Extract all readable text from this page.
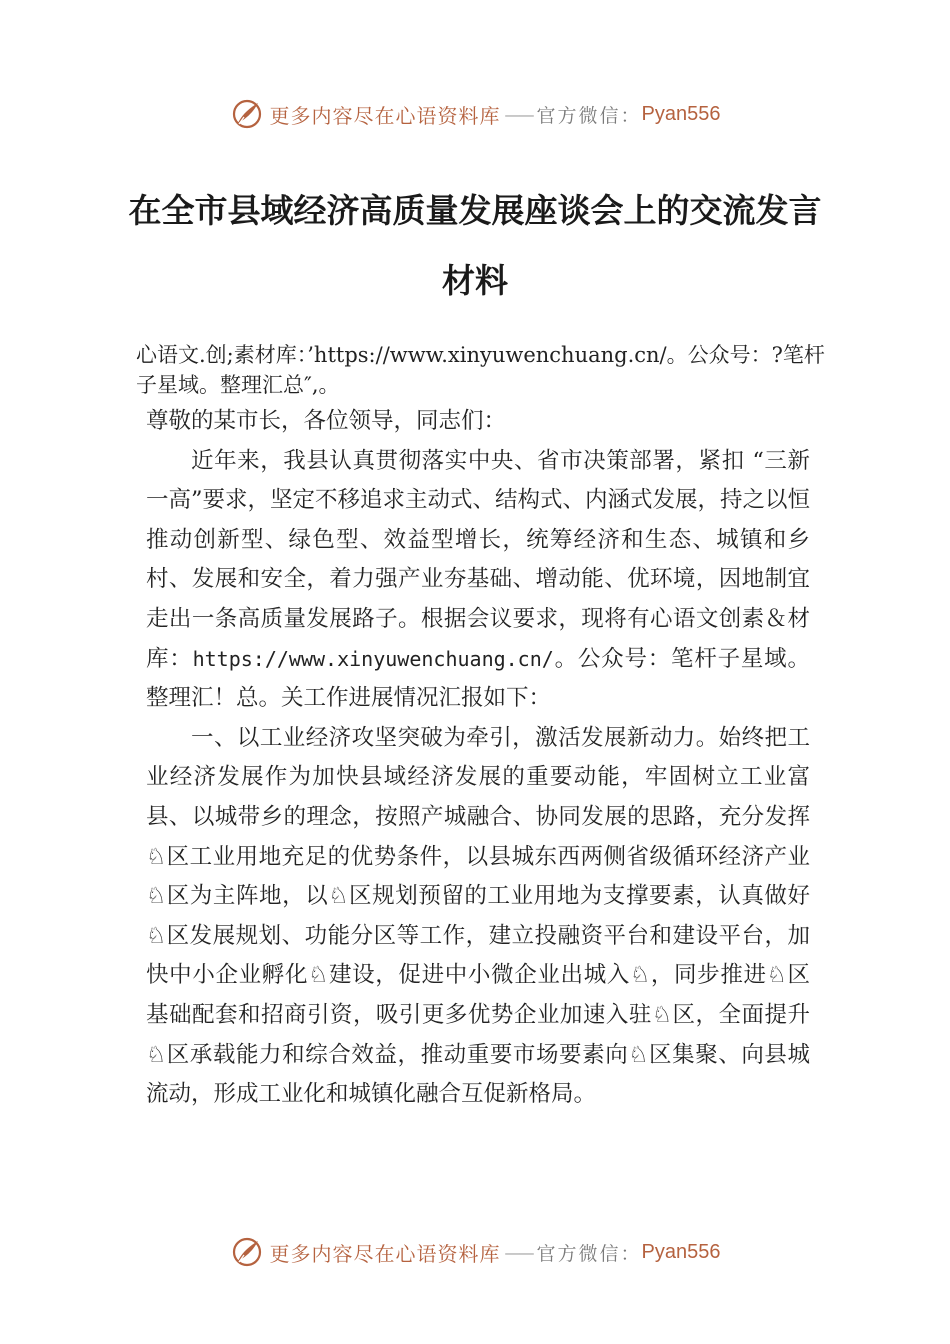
更多内容尽在心语资料库 —— 官方微信： Pyan556
在全市县域经济高质量发展座谈会上的交流发言材料
心语文.创;素材库：’https://www.xinyuwenchuang.cn/。公众号：?笔杆子星域。整理汇总″,。

尊敬的某市长，各位领导，同志们：

近年来，我县认真贯彻落实中央、省市决策部署，紧扣 “三新一高”要求，坚定不移追求主动式、结构式、内涵式发展，持之以恒推动创新型、绿色型、效益型增长，统筹经济和生态、城镇和乡村、发展和安全，着力强产业夯基础、增动能、优环境，因地制宜走出一条高质量发展路子。根据会议要求，现将有心语文创素＆材库：https://www.xinyuwenchuang.cn/。公众号：笔杆子星域。整理汇！总。关工作进展情况汇报如下：

一、以工业经济攻坚突破为牵引，激活发展新动力。始终把工业经济发展作为加快县域经济发展的重要动能，牢固树立工业富县、以城带乡的理念，按照产城融合、协同发展的思路，充分发挥♘区工业用地充足的优势条件，以县城东西两侧省级循环经济产业♘区为主阵地，以♘区规划预留的工业用地为支撑要素，认真做好♘区发展规划、功能分区等工作，建立投融资平台和建设平台，加快中小企业孵化♘建设，促进中小微企业出城入♘，同步推进♘区基础配套和招商引资，吸引更多优势企业加速入驻♘区，全面提升♘区承载能力和综合效益，推动重要市场要素向♘区集聚、向县城流动，形成工业化和城镇化融合互促新格局。

更多内容尽在心语资料库 —— 官方微信： Pyan556
